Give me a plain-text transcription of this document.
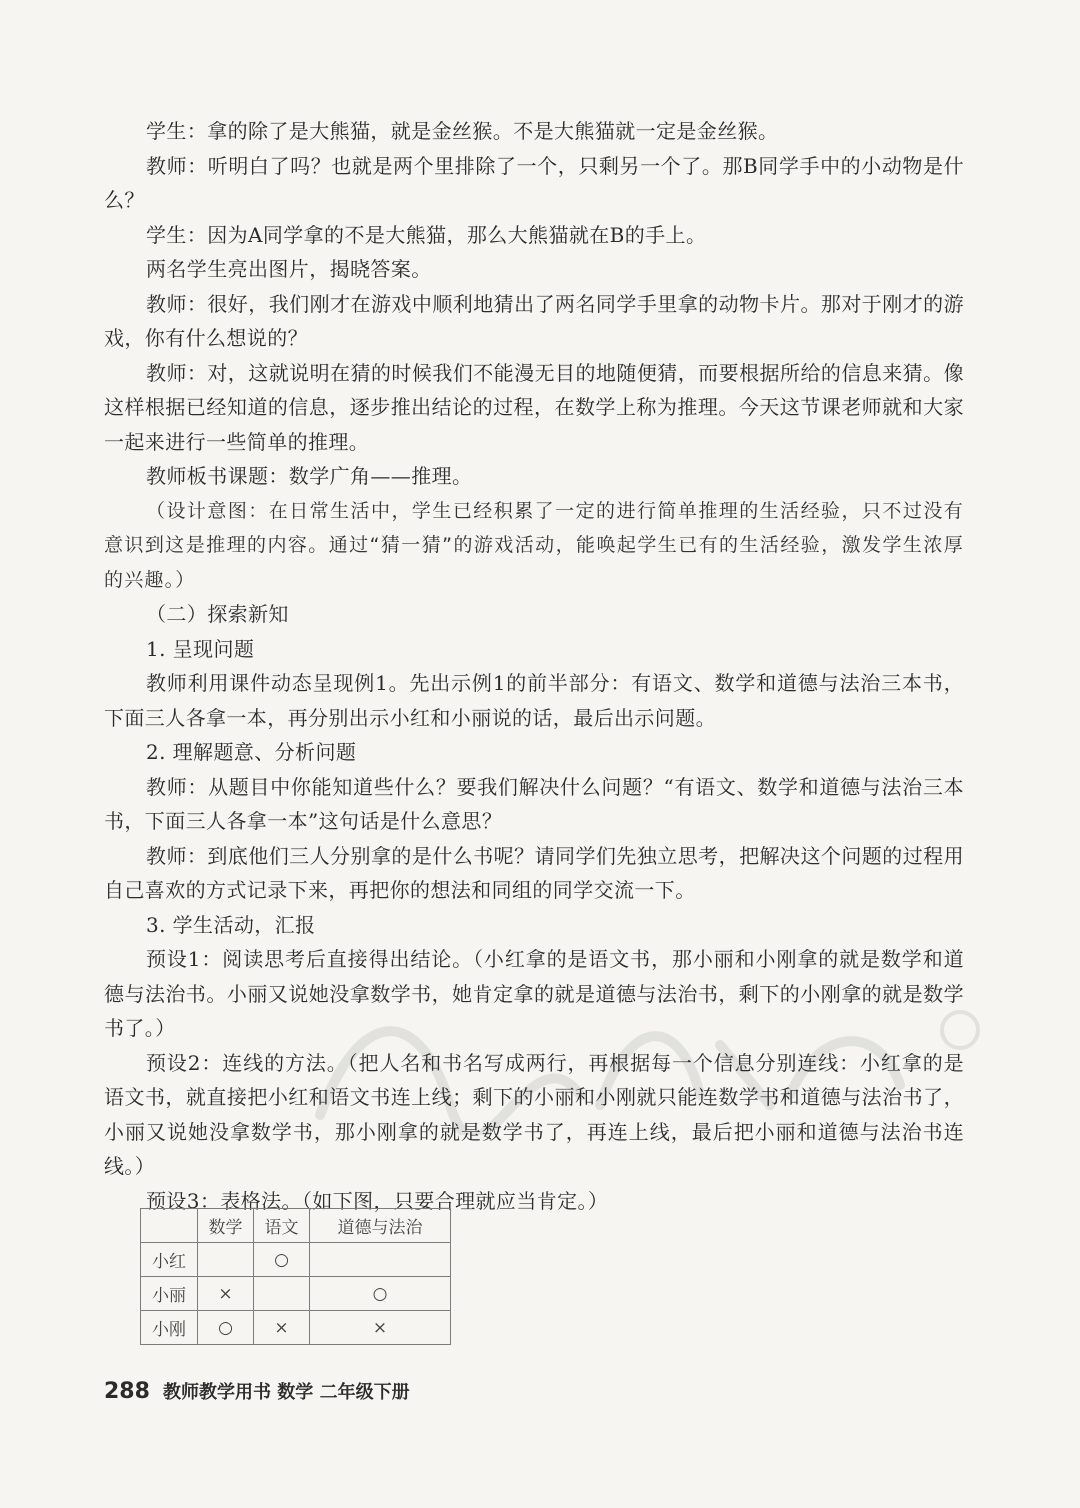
学生：拿的除了是大熊猫，就是金丝猴。不是大熊猫就一定是金丝猴。

教师：听明白了吗？也就是两个里排除了一个，只剩另一个了。那B同学手中的小动物是什么？

学生：因为A同学拿的不是大熊猫，那么大熊猫就在B的手上。

两名学生亮出图片，揭晓答案。

教师：很好，我们刚才在游戏中顺利地猜出了两名同学手里拿的动物卡片。那对于刚才的游戏，你有什么想说的？

教师：对，这就说明在猜的时候我们不能漫无目的地随便猜，而要根据所给的信息来猜。像这样根据已经知道的信息，逐步推出结论的过程，在数学上称为推理。今天这节课老师就和大家一起来进行一些简单的推理。

教师板书课题：数学广角——推理。

（设计意图：在日常生活中，学生已经积累了一定的进行简单推理的生活经验，只不过没有意识到这是推理的内容。通过“猜一猜”的游戏活动，能唤起学生已有的生活经验，激发学生浓厚的兴趣。）

（二）探索新知

1. 呈现问题

教师利用课件动态呈现例1。先出示例1的前半部分：有语文、数学和道德与法治三本书，下面三人各拿一本，再分别出示小红和小丽说的话，最后出示问题。

2. 理解题意、分析问题

教师：从题目中你能知道些什么？要我们解决什么问题？“有语文、数学和道德与法治三本书，下面三人各拿一本”这句话是什么意思？

教师：到底他们三人分别拿的是什么书呢？请同学们先独立思考，把解决这个问题的过程用自己喜欢的方式记录下来，再把你的想法和同组的同学交流一下。

3. 学生活动，汇报

预设1：阅读思考后直接得出结论。（小红拿的是语文书，那小丽和小刚拿的就是数学和道德与法治书。小丽又说她没拿数学书，她肯定拿的就是道德与法治书，剩下的小刚拿的就是数学书了。）

预设2：连线的方法。（把人名和书名写成两行，再根据每一个信息分别连线：小红拿的是语文书，就直接把小红和语文书连上线；剩下的小丽和小刚就只能连数学书和道德与法治书了，小丽又说她没拿数学书，那小刚拿的就是数学书了，再连上线，最后把小丽和道德与法治书连线。）

预设3：表格法。（如下图，只要合理就应当肯定。）

	数学	语文	道德与法治
小红		○	
小丽	×		○
小刚	○	×	×
288 教师教学用书 数学 二年级下册
